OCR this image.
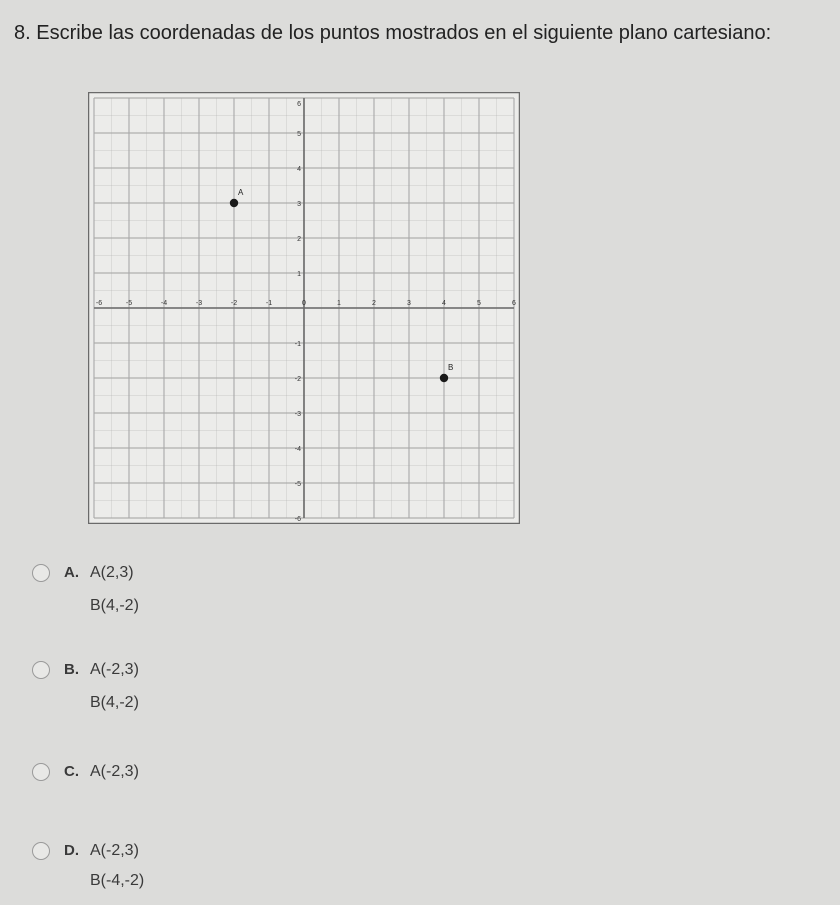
8. Escribe las coordenadas de los puntos mostrados en el siguiente plano cartesiano:
-6	-5	-4	-3	-2	-1	0	1	2	3	4	5	6
6
5
4
3
2
1
-1
-2
-3
-4
-5
-6
A
B
A. A(2,3)
B(4,-2)
B. A(-2,3)
B(4,-2)
C. A(-2,3)
D. A(-2,3)
B(-4,-2)
